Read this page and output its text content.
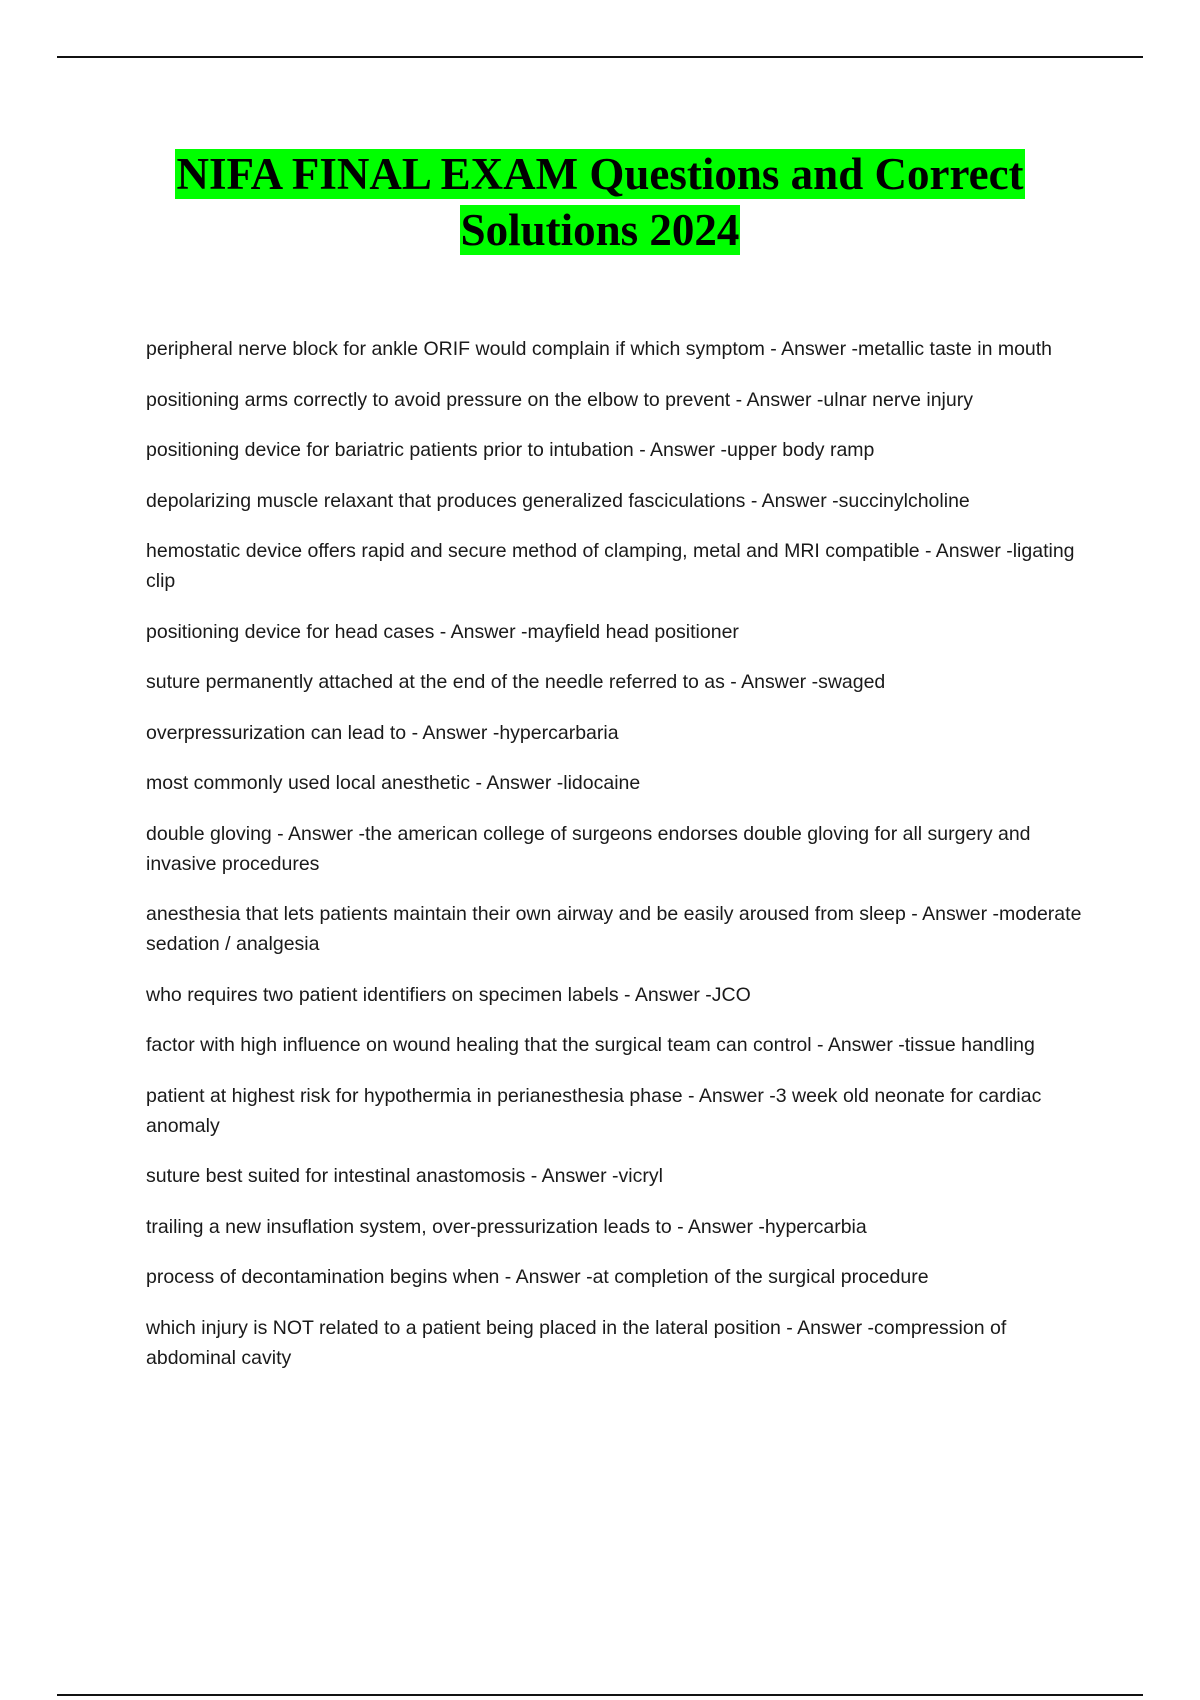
NIFA FINAL EXAM Questions and Correct
Solutions 2024
peripheral nerve block for ankle ORIF would complain if which symptom - Answer -metallic taste in mouth
positioning arms correctly to avoid pressure on the elbow to prevent - Answer -ulnar nerve injury
positioning device for bariatric patients prior to intubation - Answer -upper body ramp
depolarizing muscle relaxant that produces generalized fasciculations - Answer -succinylcholine
hemostatic device offers rapid and secure method of clamping, metal and MRI compatible - Answer -ligating clip
positioning device for head cases - Answer -mayfield head positioner
suture permanently attached at the end of the needle referred to as - Answer -swaged
overpressurization can lead to - Answer -hypercarbaria
most commonly used local anesthetic - Answer -lidocaine
double gloving - Answer -the american college of surgeons endorses double gloving for all surgery and invasive procedures
anesthesia that lets patients maintain their own airway and be easily aroused from sleep - Answer -moderate sedation / analgesia
who requires two patient identifiers on specimen labels - Answer -JCO
factor with high influence on wound healing that the surgical team can control - Answer -tissue handling
patient at highest risk for hypothermia in perianesthesia phase - Answer -3 week old neonate for cardiac anomaly
suture best suited for intestinal anastomosis - Answer -vicryl
trailing a new insuflation system, over-pressurization leads to - Answer -hypercarbia
process of decontamination begins when - Answer -at completion of the surgical procedure
which injury is NOT related to a patient being placed in the lateral position - Answer -compression of abdominal cavity
